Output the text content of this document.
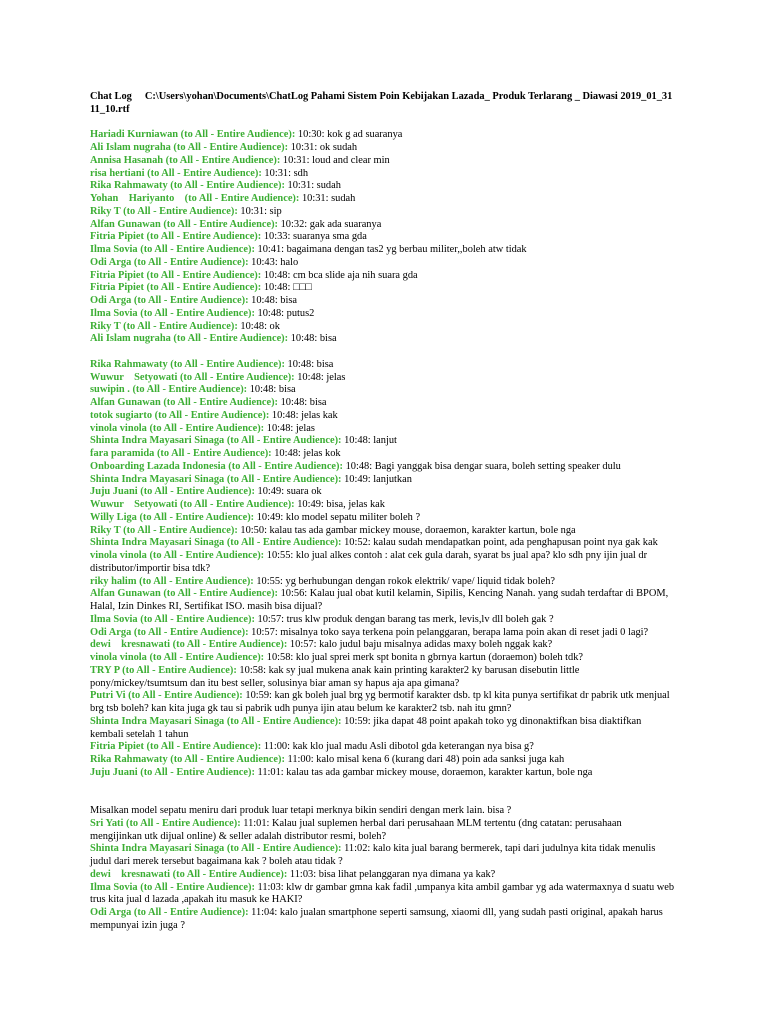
Chat Log     C:\Users\yohan\Documents\ChatLog Pahami Sistem Poin Kebijakan Lazada_ Produk Terlarang _ Diawasi 2019_01_31 11_10.rtf
Hariadi Kurniawan (to All - Entire Audience): 10:30: kok g ad suaranya
Ali Islam nugraha (to All - Entire Audience): 10:31: ok sudah
Annisa Hasanah (to All - Entire Audience): 10:31: loud and clear min
risa hertiani (to All - Entire Audience): 10:31: sdh
Rika Rahmawaty (to All - Entire Audience): 10:31: sudah
Yohan    Hariyanto    (to All - Entire Audience): 10:31: sudah
Riky T (to All - Entire Audience): 10:31: sip
Alfan Gunawan (to All - Entire Audience): 10:32: gak ada suaranya
Fitria Pipiet (to All - Entire Audience): 10:33: suaranya sma gda
Ilma Sovia (to All - Entire Audience): 10:41: bagaimana dengan tas2 yg berbau militer,,boleh atw tidak
Odi Arga (to All - Entire Audience): 10:43: halo
Fitria Pipiet (to All - Entire Audience): 10:48: cm bca slide aja nih suara gda
Fitria Pipiet (to All - Entire Audience): 10:48: □□□
Odi Arga (to All - Entire Audience): 10:48: bisa
Ilma Sovia (to All - Entire Audience): 10:48: putus2
Riky T (to All - Entire Audience): 10:48: ok
Ali Islam nugraha (to All - Entire Audience): 10:48: bisa
Rika Rahmawaty (to All - Entire Audience): 10:48: bisa
Wuwur    Setyowati (to All - Entire Audience): 10:48: jelas
suwipin . (to All - Entire Audience): 10:48: bisa
Alfan Gunawan (to All - Entire Audience): 10:48: bisa
totok sugiarto (to All - Entire Audience): 10:48: jelas kak
vinola vinola (to All - Entire Audience): 10:48: jelas
Shinta Indra Mayasari Sinaga (to All - Entire Audience): 10:48: lanjut
fara paramida (to All - Entire Audience): 10:48: jelas kok
Onboarding Lazada Indonesia (to All - Entire Audience): 10:48: Bagi yanggak bisa dengar suara, boleh setting speaker dulu
Shinta Indra Mayasari Sinaga (to All - Entire Audience): 10:49: lanjutkan
Juju Juani (to All - Entire Audience): 10:49: suara ok
Wuwur    Setyowati (to All - Entire Audience): 10:49: bisa, jelas kak
Willy Liga (to All - Entire Audience): 10:49: klo model sepatu militer boleh ?
Riky T (to All - Entire Audience): 10:50: kalau tas ada gambar mickey mouse, doraemon, karakter kartun, bole nga
Shinta Indra Mayasari Sinaga (to All - Entire Audience): 10:52: kalau sudah mendapatkan point, ada penghapusan point nya gak kak
vinola vinola (to All - Entire Audience): 10:55: klo jual alkes contoh : alat cek gula darah, syarat bs jual apa? klo sdh pny ijin jual dr distributor/importir bisa tdk?
riky halim (to All - Entire Audience): 10:55: yg berhubungan dengan rokok elektrik/ vape/ liquid tidak boleh?
Alfan Gunawan (to All - Entire Audience): 10:56: Kalau jual obat kutil kelamin, Sipilis, Kencing Nanah. yang sudah terdaftar di BPOM, Halal, Izin Dinkes RI, Sertifikat ISO. masih bisa dijual?
Ilma Sovia (to All - Entire Audience): 10:57: trus klw produk dengan barang tas merk, levis,lv dll boleh gak ?
Odi Arga (to All - Entire Audience): 10:57: misalnya toko saya terkena poin pelanggaran, berapa lama poin akan di reset jadi 0 lagi?
dewi    kresnawati (to All - Entire Audience): 10:57: kalo judul baju misalnya adidas maxy boleh nggak kak?
vinola vinola (to All - Entire Audience): 10:58: klo jual sprei merk spt bonita n gbrnya kartun (doraemon) boleh tdk?
TRY P (to All - Entire Audience): 10:58: kak sy jual mukena anak kain printing karakter2 ky barusan disebutin little pony/mickey/tsumtsum dan itu best seller, solusinya biar aman sy hapus aja apa gimana?
Putri Vi (to All - Entire Audience): 10:59: kan gk boleh jual brg yg bermotif karakter dsb. tp kl kita punya sertifikat dr pabrik utk menjual brg tsb boleh? kan kita juga gk tau si pabrik udh punya ijin atau belum ke karakter2 tsb. nah itu gmn?
Shinta Indra Mayasari Sinaga (to All - Entire Audience): 10:59: jika dapat 48 point apakah toko yg dinonaktifkan bisa diaktifkan kembali setelah 1 tahun
Fitria Pipiet (to All - Entire Audience): 11:00: kak klo jual madu Asli dibotol gda keterangan nya bisa g?
Rika Rahmawaty (to All - Entire Audience): 11:00: kalo misal kena 6 (kurang dari 48) poin ada sanksi juga kah
Juju Juani (to All - Entire Audience): 11:01: kalau tas ada gambar mickey mouse, doraemon, karakter kartun, bole nga
Misalkan model sepatu meniru dari produk luar tetapi merknya bikin sendiri dengan merk lain. bisa ?
Sri Yati (to All - Entire Audience): 11:01: Kalau jual suplemen herbal dari perusahaan MLM tertentu (dng catatan: perusahaan mengijinkan utk dijual online) & seller adalah distributor resmi, boleh?
Shinta Indra Mayasari Sinaga (to All - Entire Audience): 11:02: kalo kita jual barang bermerek, tapi dari judulnya kita tidak menulis judul dari merek tersebut bagaimana kak ? boleh atau tidak ?
dewi    kresnawati (to All - Entire Audience): 11:03: bisa lihat pelanggaran nya dimana ya kak?
Ilma Sovia (to All - Entire Audience): 11:03: klw dr gambar gmna kak fadil ,umpanya kita ambil gambar yg ada watermaxnya d suatu web trus kita jual d lazada ,apakah itu masuk ke HAKI?
Odi Arga (to All - Entire Audience): 11:04: kalo jualan smartphone seperti samsung, xiaomi dll, yang sudah pasti original, apakah harus mempunyai izin juga ?
